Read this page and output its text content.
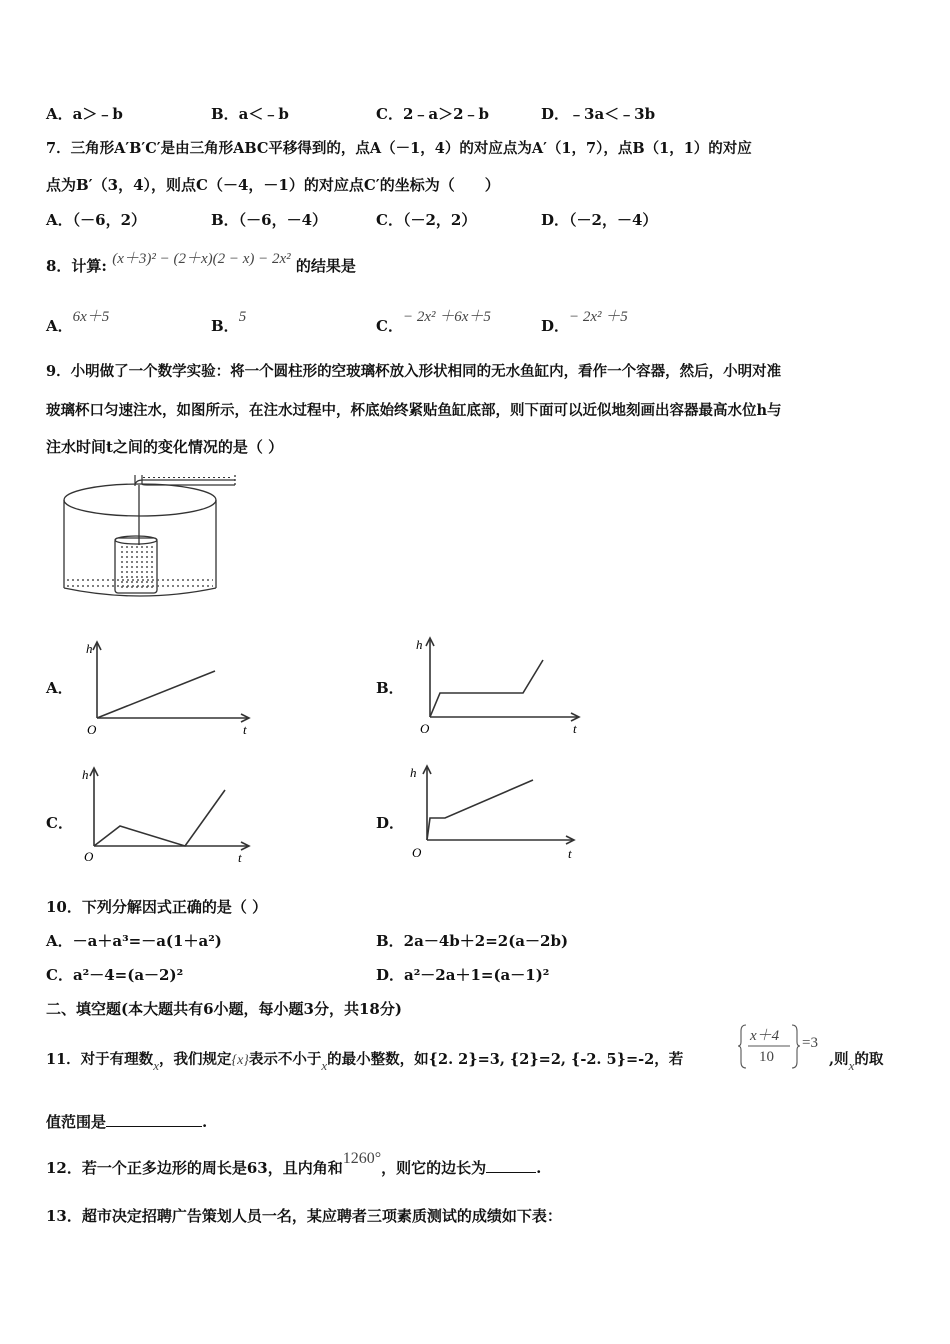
A．a＞﹣b	B．a＜﹣b	C．2﹣a＞2﹣b	D．﹣3a＜﹣3b
7．三角形A′B′C′是由三角形ABC平移得到的，点A（－1，4）的对应点为A′（1，7），点B（1，1）的对应
点为B′（3，4），则点C（－4，－1）的对应点C′的坐标为（　　）
A．（－6，2）	B．（－6，－4）	C．（－2，2）	D．（－2，－4）
8．计算: (x＋3)² − (2＋x)(2 − x) − 2x² 的结果是
A．6x＋5	B．5	C．− 2x² ＋6x＋5	D．− 2x² ＋5
9．小明做了一个数学实验：将一个圆柱形的空玻璃杯放入形状相同的无水鱼缸内，看作一个容器，然后，小明对准
玻璃杯口匀速注水，如图所示，在注水过程中，杯底始终紧贴鱼缸底部，则下面可以近似地刻画出容器最高水位h与
注水时间t之间的变化情况的是（ ）
A．	B．
C．	D．
h
O	t
h
O	t
h
O	t
h
O	t
10．下列分解因式正确的是（ ）
A．－a＋a³=－a(1＋a²)	B．2a－4b＋2=2(a－2b)
C．a²－4=(a－2)²	D．a²－2a＋1=(a－1)²
二、填空题(本大题共有6小题，每小题3分，共18分)
11．对于有理数x，我们规定{x}表示不小于x的最小整数，如{2. 2}=3, {2}=2, {-2. 5}=-2，若
x＋4
10
=3
,则x的取
值范围是	.
12．若一个正多边形的周长是63，且内角和1260°，则它的边长为	.
13．超市决定招聘广告策划人员一名，某应聘者三项素质测试的成绩如下表：
